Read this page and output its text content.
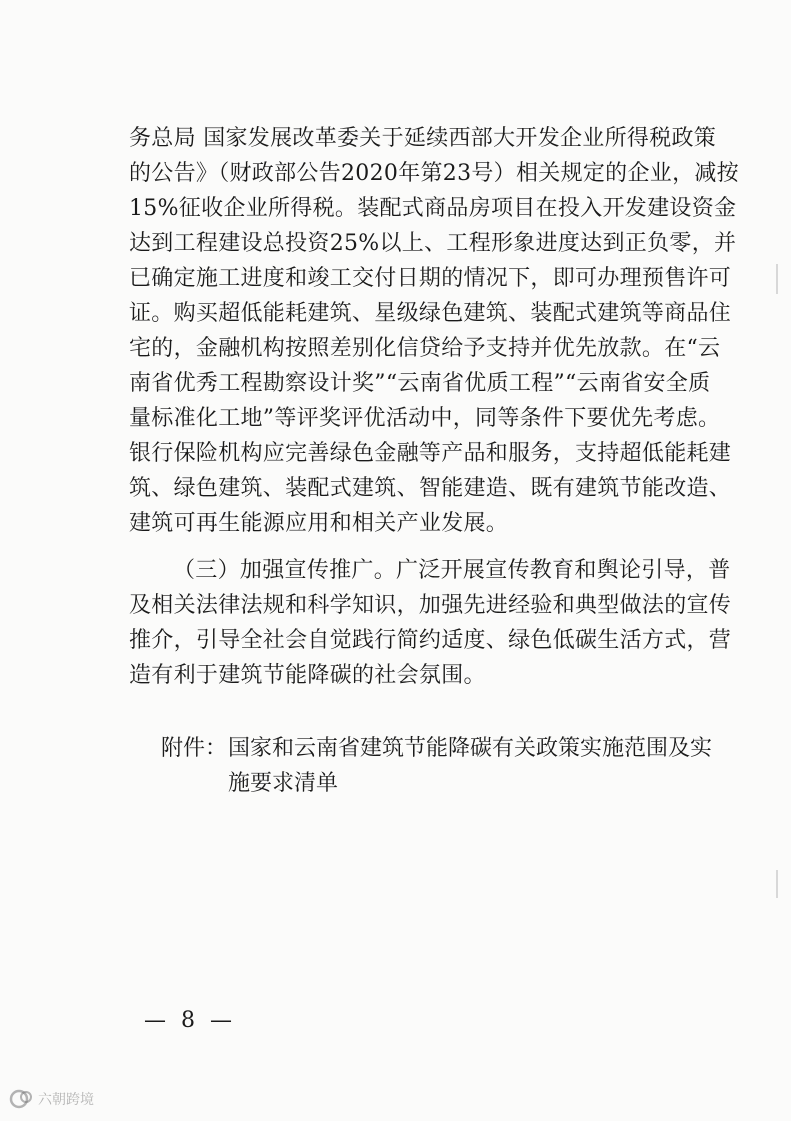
务总局 国家发展改革委关于延续西部大开发企业所得税政策
的公告》（财政部公告2020年第23号）相关规定的企业，减按
15%征收企业所得税。装配式商品房项目在投入开发建设资金
达到工程建设总投资25%以上、工程形象进度达到正负零，并
已确定施工进度和竣工交付日期的情况下，即可办理预售许可
证。购买超低能耗建筑、星级绿色建筑、装配式建筑等商品住
宅的，金融机构按照差别化信贷给予支持并优先放款。在“云
南省优秀工程勘察设计奖”“云南省优质工程”“云南省安全质
量标准化工地”等评奖评优活动中，同等条件下要优先考虑。
银行保险机构应完善绿色金融等产品和服务，支持超低能耗建
筑、绿色建筑、装配式建筑、智能建造、既有建筑节能改造、
建筑可再生能源应用和相关产业发展。
（三）加强宣传推广。广泛开展宣传教育和舆论引导，普
及相关法律法规和科学知识，加强先进经验和典型做法的宣传
推介，引导全社会自觉践行简约适度、绿色低碳生活方式，营
造有利于建筑节能降碳的社会氛围。
附件： 国家和云南省建筑节能降碳有关政策实施范围及实
施要求清单
— 8 —
六朝跨境
